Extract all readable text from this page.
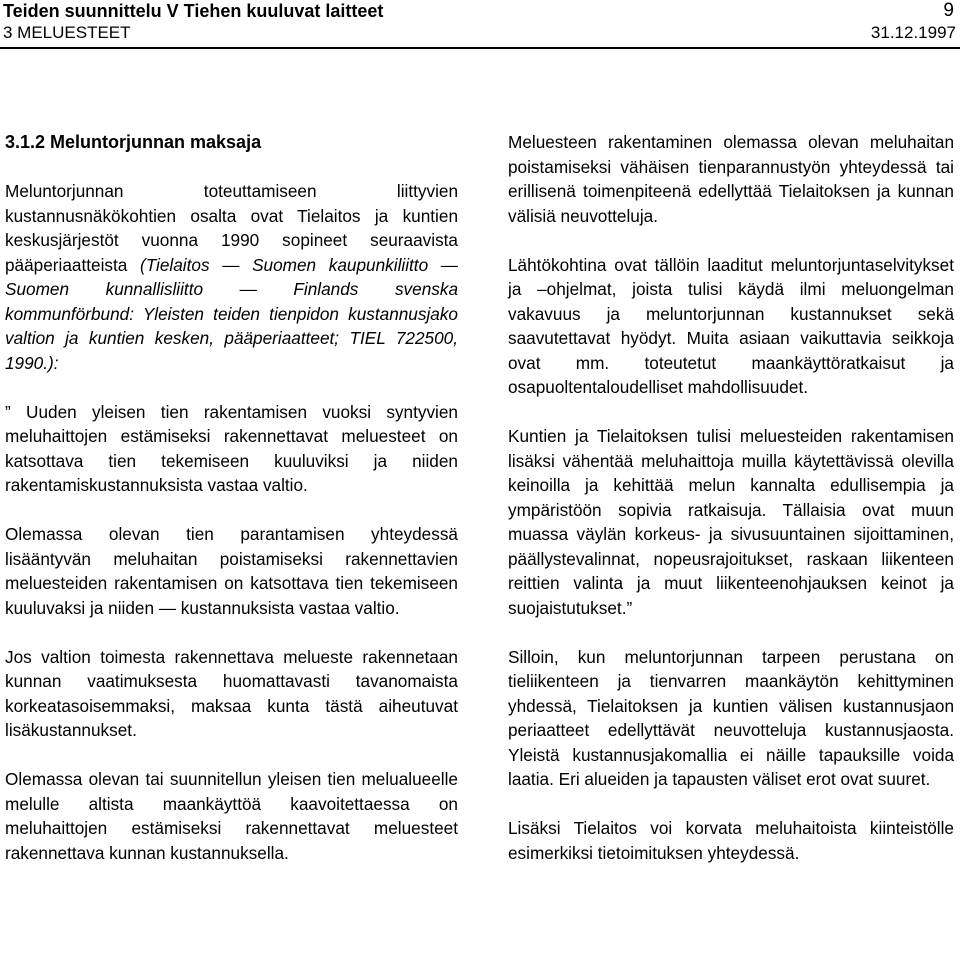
Teiden suunnittelu V Tiehen kuuluvat laitteet	9
3 MELUESTEET	31.12.1997
3.1.2 Meluntorjunnan maksaja

Meluntorjunnan toteuttamiseen liittyvien kustannusnäkökohtien osalta ovat Tielaitos ja kuntien keskusjärjestöt vuonna 1990 sopineet seuraavista pääperiaatteista (Tielaitos — Suomen kaupunkiliitto — Suomen kunnallisliitto — Finlands svenska kommunförbund: Yleisten teiden tienpidon kustannusjako valtion ja kuntien kesken, pääperiaatteet; TIEL 722500, 1990.):

” Uuden yleisen tien rakentamisen vuoksi syntyvien meluhaittojen estämiseksi rakennettavat meluesteet on katsottava tien tekemiseen kuuluviksi ja niiden rakentamiskustannuksista vastaa valtio.

Olemassa olevan tien parantamisen yhteydessä lisääntyvän meluhaitan poistamiseksi rakennettavien meluesteiden rakentamisen on katsottava tien tekemiseen kuuluvaksi ja niiden — kustannuksista vastaa valtio.

Jos valtion toimesta rakennettava melueste rakennetaan kunnan vaatimuksesta huomattavasti tavanomaista korkeatasoisemmaksi, maksaa kunta tästä aiheutuvat lisäkustannukset.

Olemassa olevan tai suunnitellun yleisen tien melualueelle melulle altista maankäyttöä kaavoitettaessa on meluhaittojen estämiseksi rakennettavat meluesteet rakennettava kunnan kustannuksella.

Meluesteen rakentaminen olemassa olevan meluhaitan poistamiseksi vähäisen tienparannustyön yhteydessä tai erillisenä toimenpiteenä edellyttää Tielaitoksen ja kunnan välisiä neuvotteluja.

Lähtökohtina ovat tällöin laaditut meluntorjuntaselvitykset ja –ohjelmat, joista tulisi käydä ilmi meluongelman vakavuus ja meluntorjunnan kustannukset sekä saavutettavat hyödyt. Muita asiaan vaikuttavia seikkoja ovat mm. toteutetut maankäyttöratkaisut ja osapuoltentaloudelliset mahdollisuudet.

Kuntien ja Tielaitoksen tulisi meluesteiden rakentamisen lisäksi vähentää meluhaittoja muilla käytettävissä olevilla keinoilla ja kehittää melun kannalta edullisempia ja ympäristöön sopivia ratkaisuja. Tällaisia ovat muun muassa väylän korkeus- ja sivusuuntainen sijoittaminen, päällystevalinnat, nopeusrajoitukset, raskaan liikenteen reittien valinta ja muut liikenteenohjauksen keinot ja suojaistutukset.”

Silloin, kun meluntorjunnan tarpeen perustana on tieliikenteen ja tienvarren maankäytön kehittyminen yhdessä, Tielaitoksen ja kuntien välisen kustannusjaon periaatteet edellyttävät neuvotteluja kustannusjaosta. Yleistä kustannusjakomallia ei näille tapauksille voida laatia. Eri alueiden ja tapausten väliset erot ovat suuret.

Lisäksi Tielaitos voi korvata meluhaitoista kiinteistölle esimerkiksi tietoimituksen yhteydessä.
